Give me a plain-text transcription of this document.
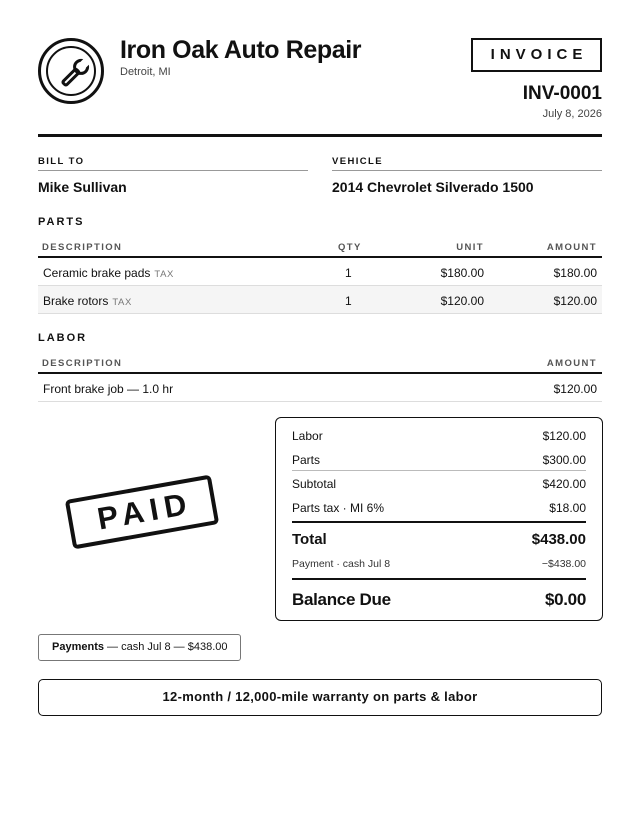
Iron Oak Auto Repair
Detroit, MI
INVOICE
INV-0001
July 8, 2026
BILL TO
Mike Sullivan
VEHICLE
2014 Chevrolet Silverado 1500
PARTS
DESCRIPTION	QTY	UNIT	AMOUNT
Ceramic brake pads TAX	1	$180.00	$180.00
Brake rotors TAX	1	$120.00	$120.00
LABOR
DESCRIPTION	AMOUNT
Front brake job — 1.0 hr	$120.00
Labor	$120.00
Parts	$300.00
Subtotal	$420.00
Parts tax · MI 6%	$18.00
Total	$438.00
Payment · cash Jul 8	−$438.00
Balance Due	$0.00
PAID
Payments — cash Jul 8 — $438.00
12-month / 12,000-mile warranty on parts & labor
